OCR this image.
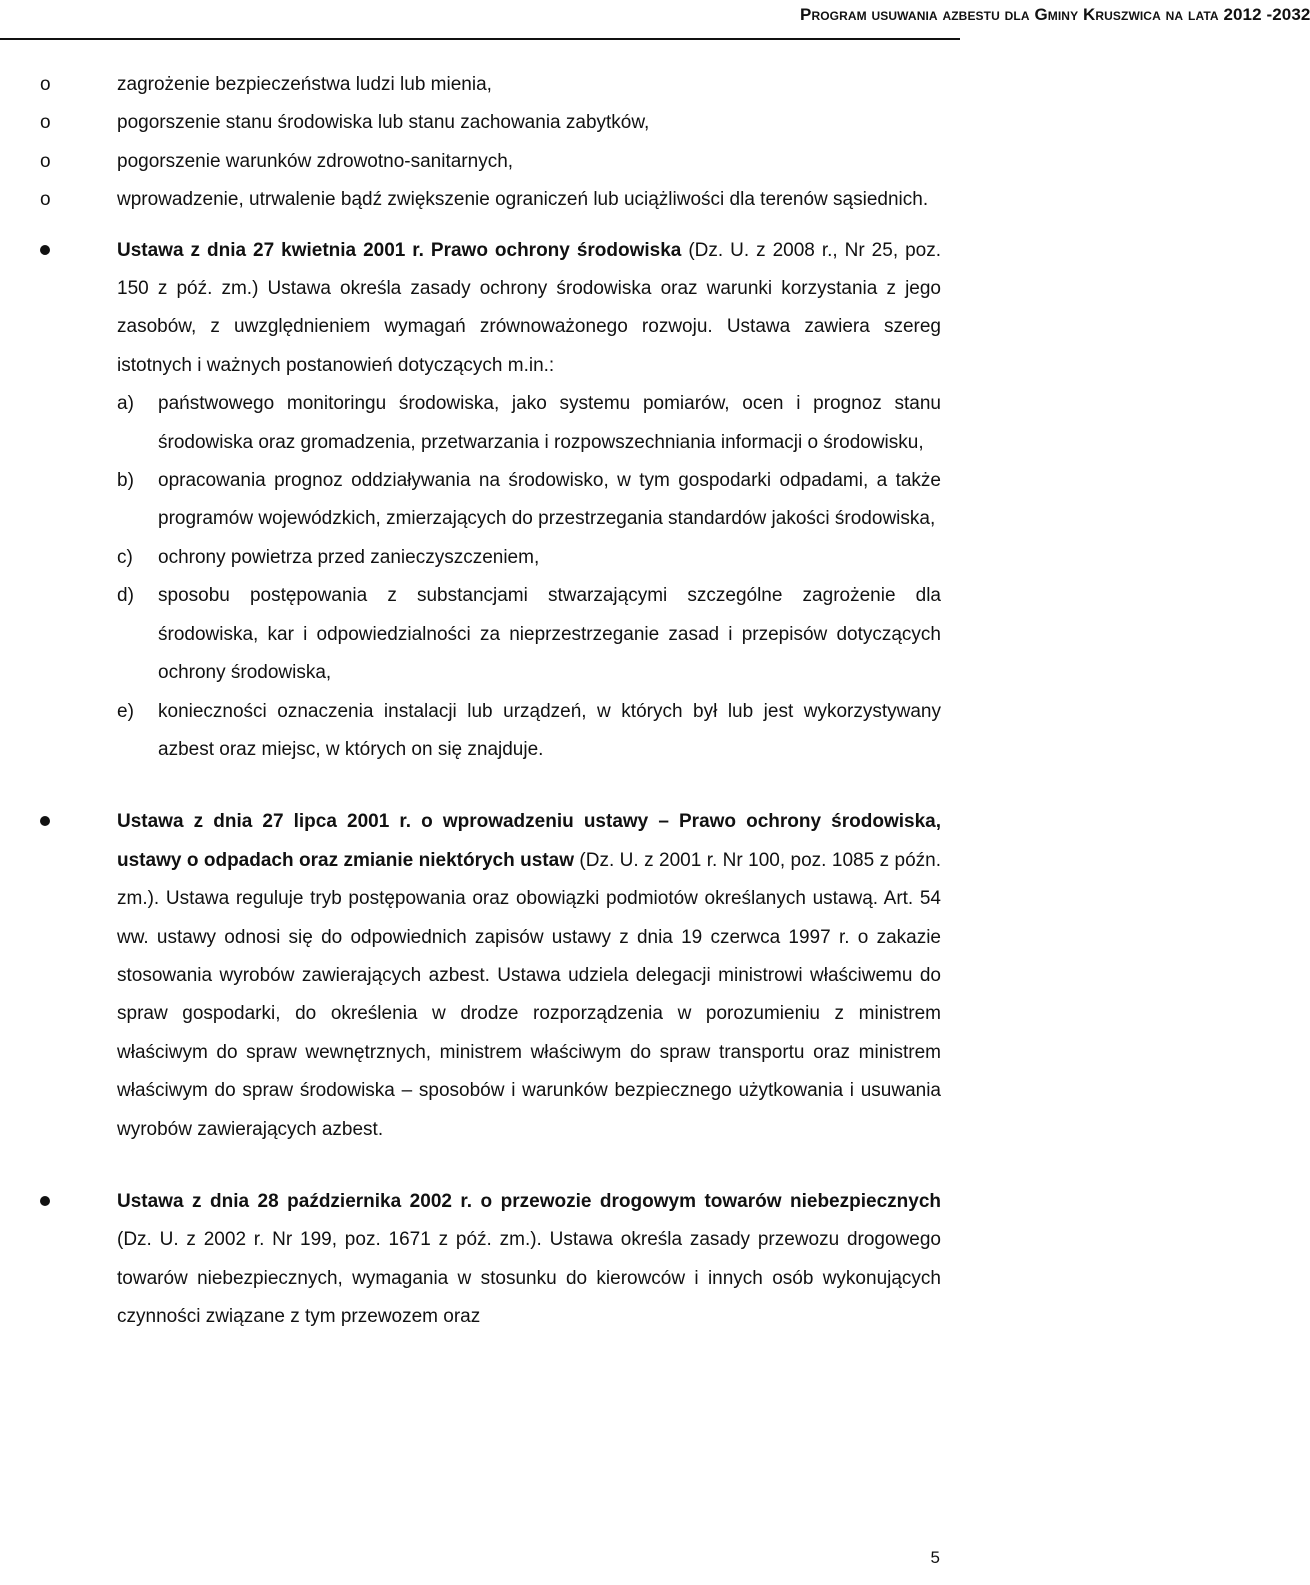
Program usuwania azbestu dla Gminy Kruszwica na lata 2012 -2032
o	zagrożenie bezpieczeństwa ludzi lub mienia,
o	pogorszenie stanu środowiska lub stanu zachowania zabytków,
o	pogorszenie warunków zdrowotno-sanitarnych,
o	wprowadzenie, utrwalenie bądź zwiększenie ograniczeń lub uciążliwości dla terenów sąsiednich.
Ustawa z dnia 27 kwietnia 2001 r. Prawo ochrony środowiska (Dz. U. z 2008 r., Nr 25, poz. 150 z póź. zm.) Ustawa określa zasady ochrony środowiska oraz warunki korzystania z jego zasobów, z uwzględnieniem wymagań zrównoważonego rozwoju. Ustawa zawiera szereg istotnych i ważnych postanowień dotyczących m.in.:
a) państwowego monitoringu środowiska, jako systemu pomiarów, ocen i prognoz stanu środowiska oraz gromadzenia, przetwarzania i rozpowszechniania informacji o środowisku,
b) opracowania prognoz oddziaływania na środowisko, w tym gospodarki odpadami, a także programów wojewódzkich, zmierzających do przestrzegania standardów jakości środowiska,
c) ochrony powietrza przed zanieczyszczeniem,
d) sposobu postępowania z substancjami stwarzającymi szczególne zagrożenie dla środowiska, kar i odpowiedzialności za nieprzestrzeganie zasad i przepisów dotyczących ochrony środowiska,
e) konieczności oznaczenia instalacji lub urządzeń, w których był lub jest wykorzystywany azbest oraz miejsc, w których on się znajduje.
Ustawa z dnia 27 lipca 2001 r. o wprowadzeniu ustawy – Prawo ochrony środowiska, ustawy o odpadach oraz zmianie niektórych ustaw (Dz. U. z 2001 r. Nr 100, poz. 1085 z późn. zm.). Ustawa reguluje tryb postępowania oraz obowiązki podmiotów określanych ustawą. Art. 54 ww. ustawy odnosi się do odpowiednich zapisów ustawy z dnia 19 czerwca 1997 r. o zakazie stosowania wyrobów zawierających azbest. Ustawa udziela delegacji ministrowi właściwemu do spraw gospodarki, do określenia w drodze rozporządzenia w porozumieniu z ministrem właściwym do spraw wewnętrznych, ministrem właściwym do spraw transportu oraz ministrem właściwym do spraw środowiska – sposobów i warunków bezpiecznego użytkowania i usuwania wyrobów zawierających azbest.
Ustawa z dnia 28 października 2002 r. o przewozie drogowym towarów niebezpiecznych (Dz. U. z 2002 r. Nr 199, poz. 1671 z póź. zm.). Ustawa określa zasady przewozu drogowego towarów niebezpiecznych, wymagania w stosunku do kierowców i innych osób wykonujących czynności związane z tym przewozem oraz
5
